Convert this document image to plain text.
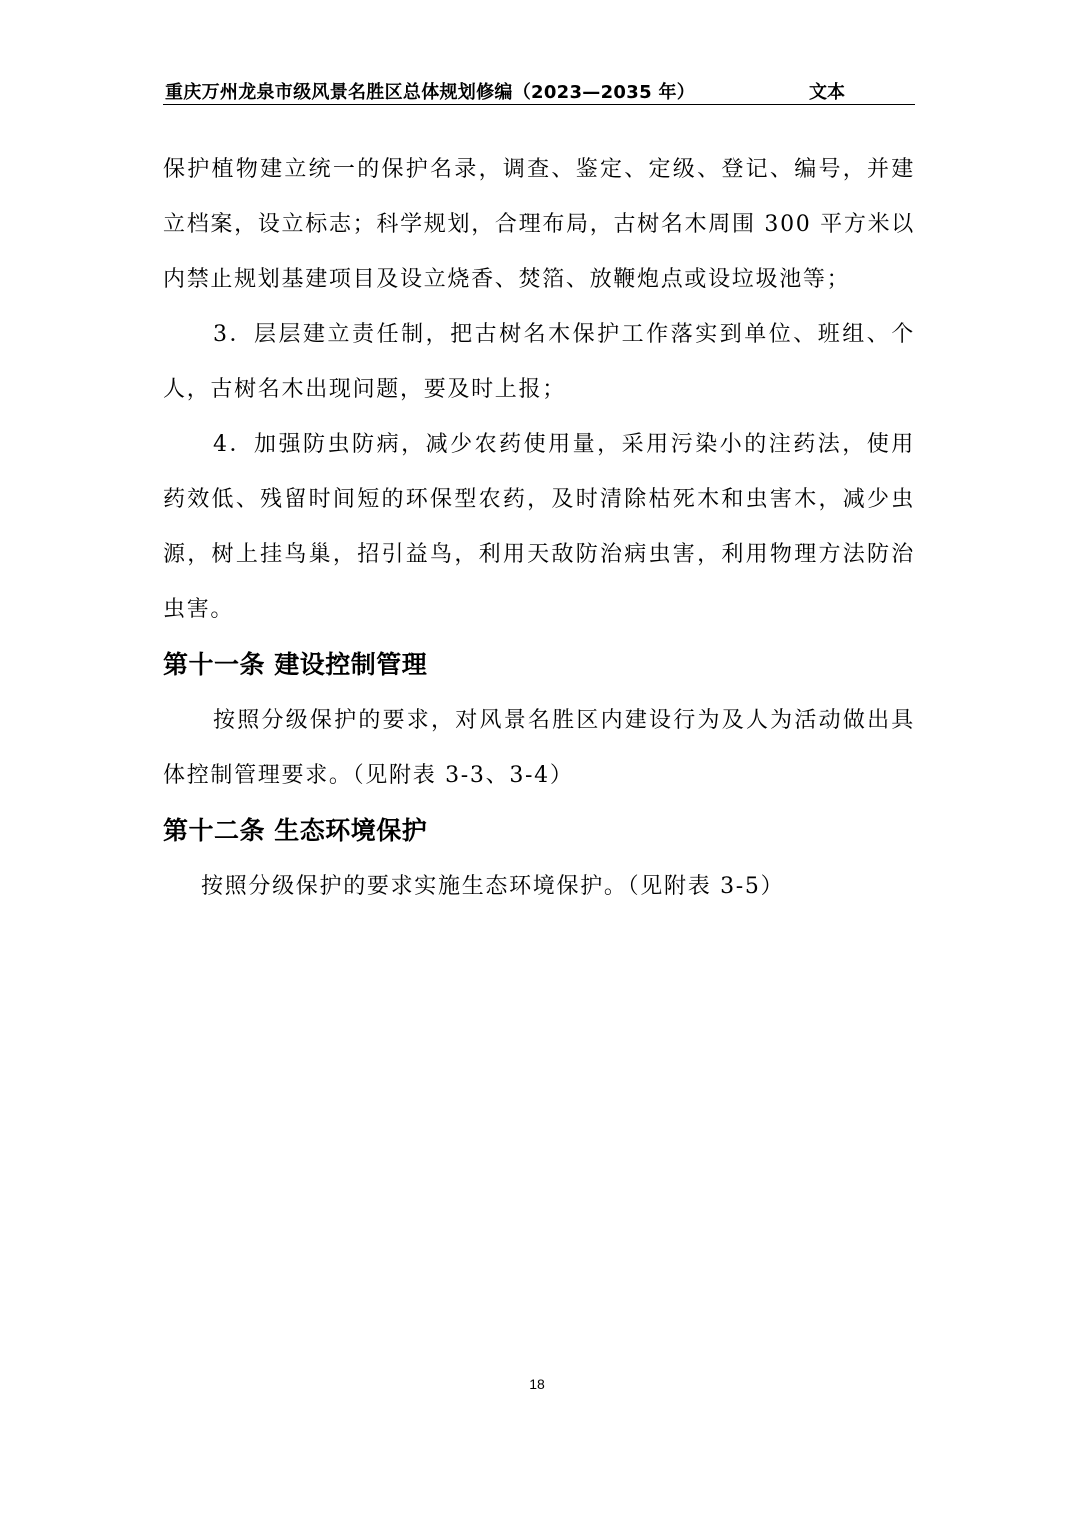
重庆万州龙泉市级风景名胜区总体规划修编（2023—2035 年）	文本

保护植物建立统一的保护名录，调查、鉴定、定级、登记、编号，并建立档案，设立标志；科学规划，合理布局，古树名木周围 300 平方米以内禁止规划基建项目及设立烧香、焚箔、放鞭炮点或设垃圾池等；

3．层层建立责任制，把古树名木保护工作落实到单位、班组、个人，古树名木出现问题，要及时上报；

4．加强防虫防病，减少农药使用量，采用污染小的注药法，使用药效低、残留时间短的环保型农药，及时清除枯死木和虫害木，减少虫源，树上挂鸟巢，招引益鸟，利用天敌防治病虫害，利用物理方法防治虫害。

第十一条 建设控制管理

按照分级保护的要求，对风景名胜区内建设行为及人为活动做出具体控制管理要求。（见附表 3-3、3-4）

第十二条 生态环境保护

按照分级保护的要求实施生态环境保护。（见附表 3-5）

18
